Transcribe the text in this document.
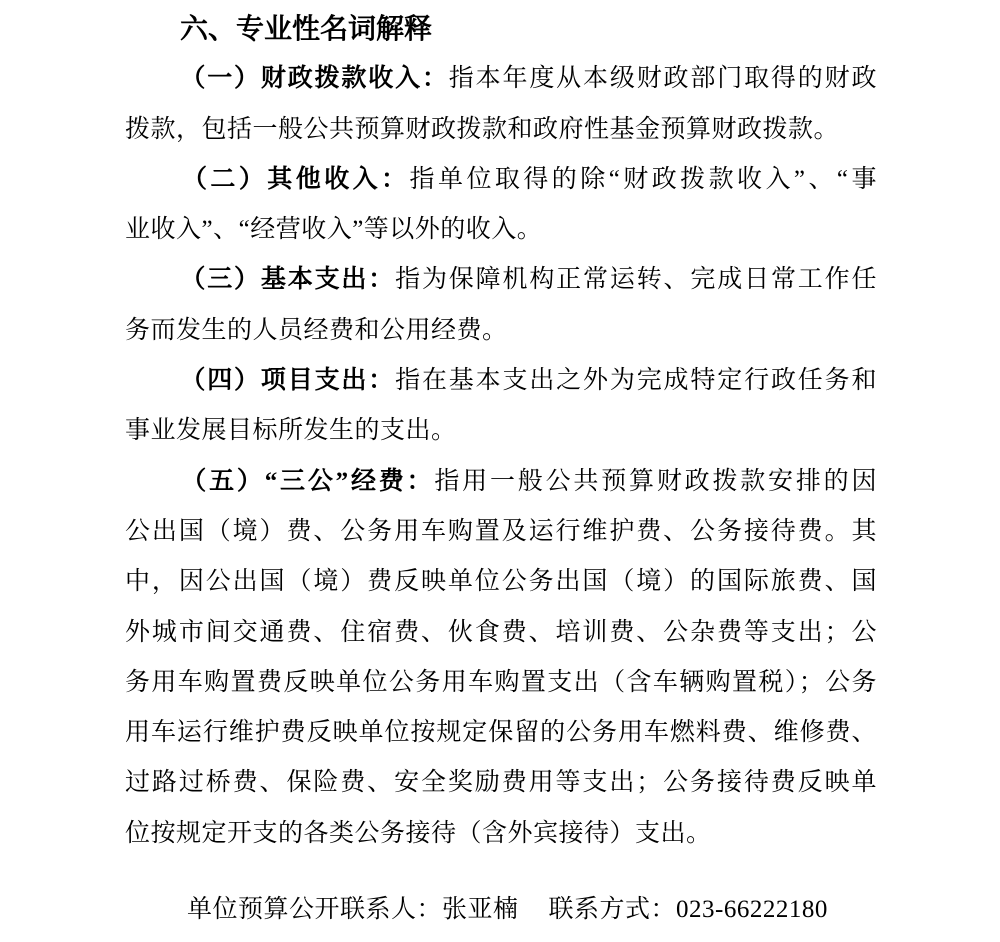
六、专业性名词解释
（一）财政拨款收入：指本年度从本级财政部门取得的财政
拨款，包括一般公共预算财政拨款和政府性基金预算财政拨款。
（二）其他收入：指单位取得的除“财政拨款收入”、“事
业收入”、“经营收入”等以外的收入。
（三）基本支出：指为保障机构正常运转、完成日常工作任
务而发生的人员经费和公用经费。
（四）项目支出：指在基本支出之外为完成特定行政任务和
事业发展目标所发生的支出。
（五）“三公”经费：指用一般公共预算财政拨款安排的因
公出国（境）费、公务用车购置及运行维护费、公务接待费。其
中，因公出国（境）费反映单位公务出国（境）的国际旅费、国
外城市间交通费、住宿费、伙食费、培训费、公杂费等支出；公
务用车购置费反映单位公务用车购置支出（含车辆购置税）；公务
用车运行维护费反映单位按规定保留的公务用车燃料费、维修费、
过路过桥费、保险费、安全奖励费用等支出；公务接待费反映单
位按规定开支的各类公务接待（含外宾接待）支出。
单位预算公开联系人：张亚楠 联系方式：023-66222180
